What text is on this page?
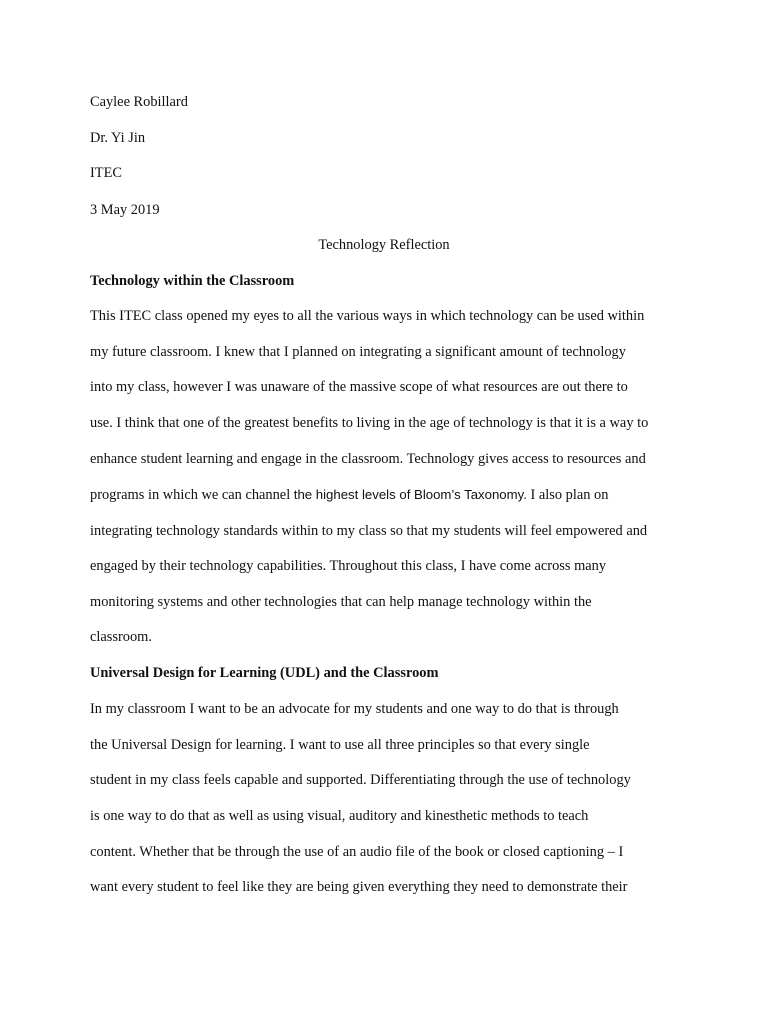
Caylee Robillard
Dr. Yi Jin
ITEC
3 May 2019
Technology Reflection
Technology within the Classroom
This ITEC class opened my eyes to all the various ways in which technology can be used within
my future classroom. I knew that I planned on integrating a significant amount of technology
into my class, however I was unaware of the massive scope of what resources are out there to
use. I think that one of the greatest benefits to living in the age of technology is that it is a way to
enhance student learning and engage in the classroom. Technology gives access to resources and
programs in which we can channel the highest levels of Bloom’s Taxonomy. I also plan on
integrating technology standards within to my class so that my students will feel empowered and
engaged by their technology capabilities. Throughout this class, I have come across many
monitoring systems and other technologies that can help manage technology within the
classroom.
Universal Design for Learning (UDL) and the Classroom
In my classroom I want to be an advocate for my students and one way to do that is through
the Universal Design for learning. I want to use all three principles so that every single
student in my class feels capable and supported. Differentiating through the use of technology
is one way to do that as well as using visual, auditory and kinesthetic methods to teach
content. Whether that be through the use of an audio file of the book or closed captioning – I
want every student to feel like they are being given everything they need to demonstrate their
